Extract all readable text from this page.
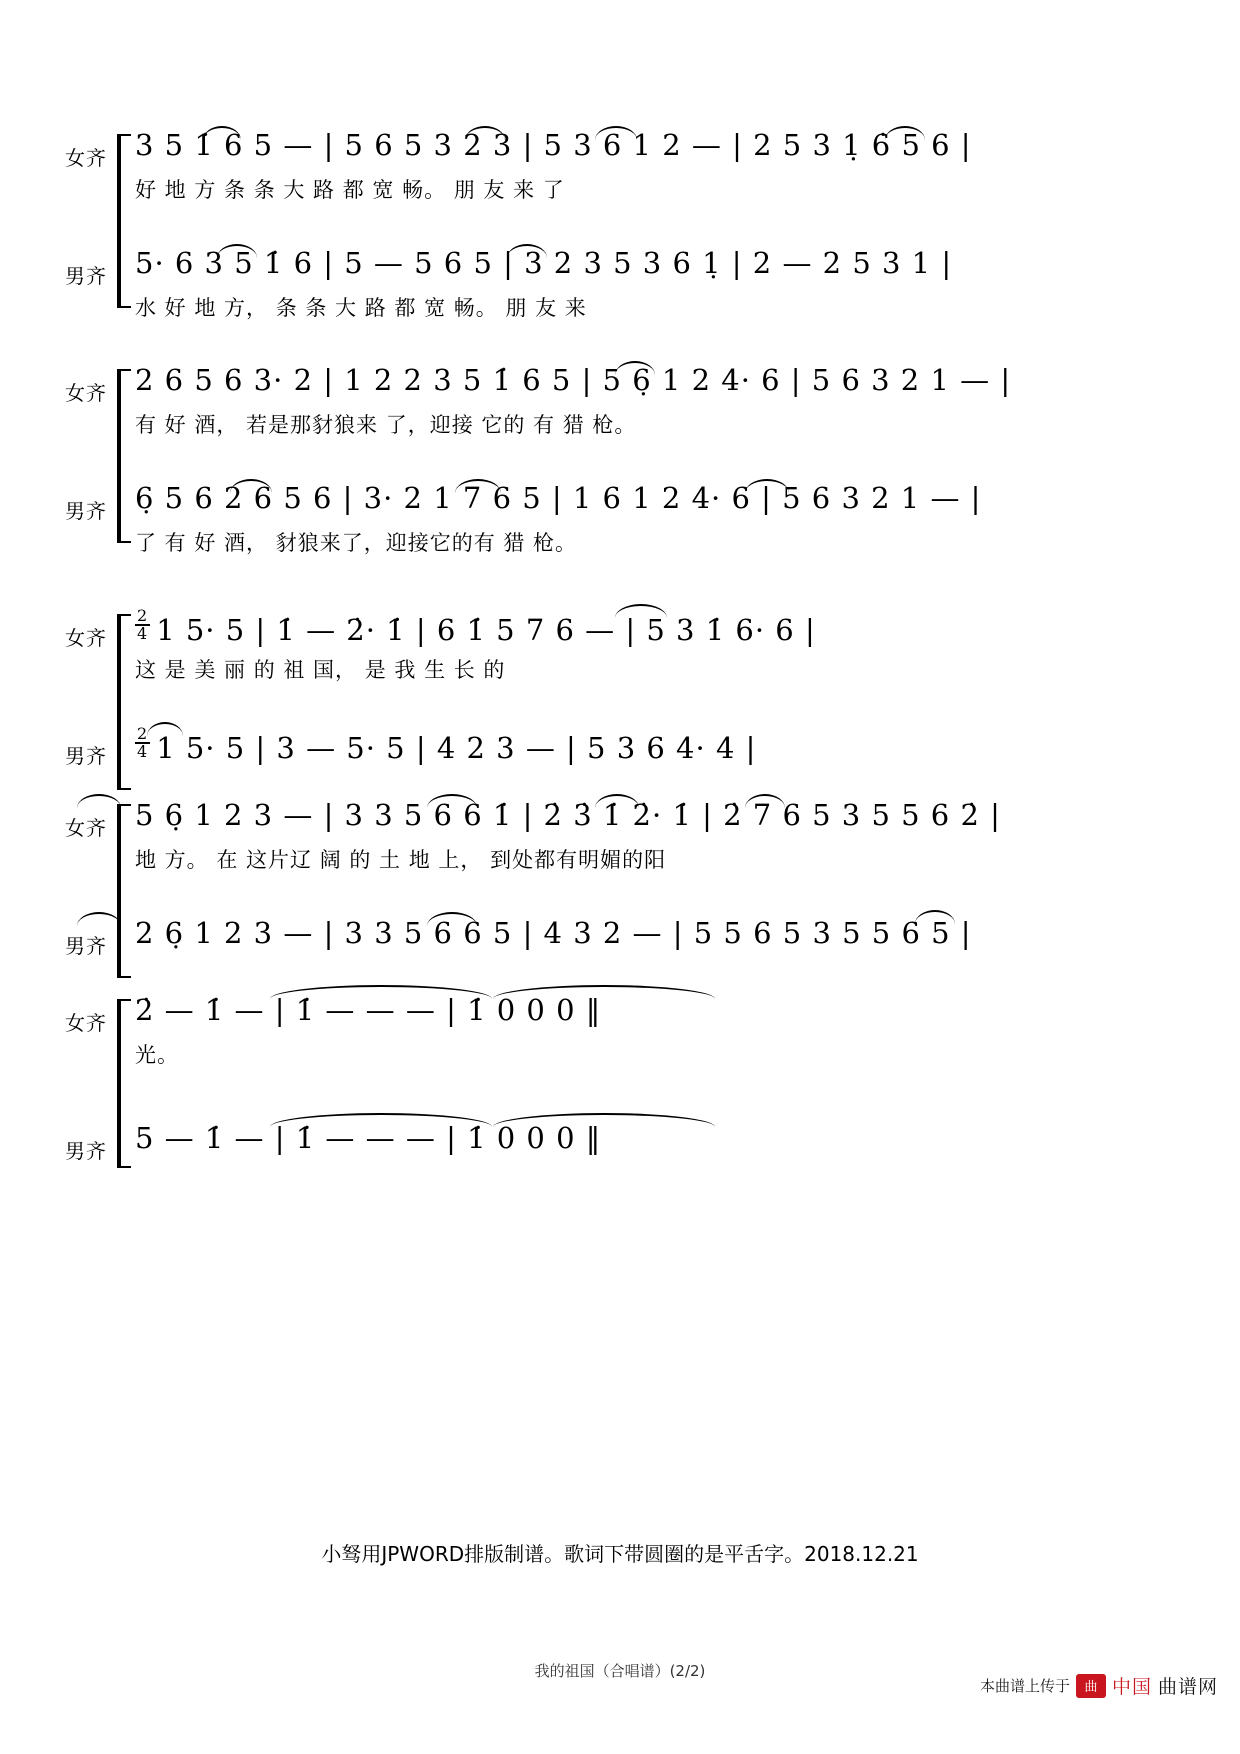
女齐 3 5 1̇ 6 5 — | 5 6 5 3 2 3 | 5 3 6 1 2 — | 2 5 3 1̣ 6̇ 5 6 |
好 地 方 条 条 大 路 都 宽 畅。 朋 友 来 了
男齐 5· 6 3 5 1̇ 6 | 5 — 5 6 5 | 3 2 3 5 3 6 1̣ | 2 — 2 5 3 1 |
水 好 地 方， 条 条 大 路 都 宽 畅。 朋 友 来
女齐 2 6 5 6 3· 2 | 1 2 2 3 5 1̇ 6 5 | 5 6̣ 1 2 4· 6 | 5 6 3 2 1 — |
有 好 酒， 若是那豺狼来 了，迎接 它的 有 猎 枪。
男齐 6̣ 5 6 2 6 5 6 | 3· 2 1 7 6 5 | 1 6 1 2 4· 6 | 5 6 3 2 1 — |
了 有 好 酒， 豺狼来了，迎接它的有 猎 枪。
女齐 $\frac{2}{4} 1$ 5· 5 | 1̇ — 2̇· 1̇ | 6 1̇ 5 7 6 — | 5 3 1̇ 6· 6 |
这 是 美 丽 的 祖 国， 是 我 生 长 的
男齐 $\frac{2}{4} 1$ 5· 5 | 3 — 5· 5 | 4 2 3 — | 5 3 6 4· 4 |
女齐 5 6̣ 1 2 3 — | 3 3 5 6 6 1̇ | 2̇ 3̇ 1̇ 2̇· 1̇ | 2̇ 7 6 5 3 5 5 6 2̇ |
地 方。 在 这片辽 阔 的 土 地 上， 到处都有明媚的阳
男齐 2 6̣ 1 2 3 — | 3 3 5 6 6 5 | 4 3 2 — | 5 5 6 5 3 5 5 6 5 |
女齐 2̇ — 1̇ — | 1̇ — — — | 1̇ 0 0 0 ‖
光。
男齐 5 — 1̇ — | 1̇ — — — | 1̇ 0 0 0 ‖
小驽用JPWORD排版制谱。歌词下带圆圈的是平舌字。2018.12.21
我的祖国（合唱谱）(2/2)
本曲谱上传于	曲 中国 曲谱网
